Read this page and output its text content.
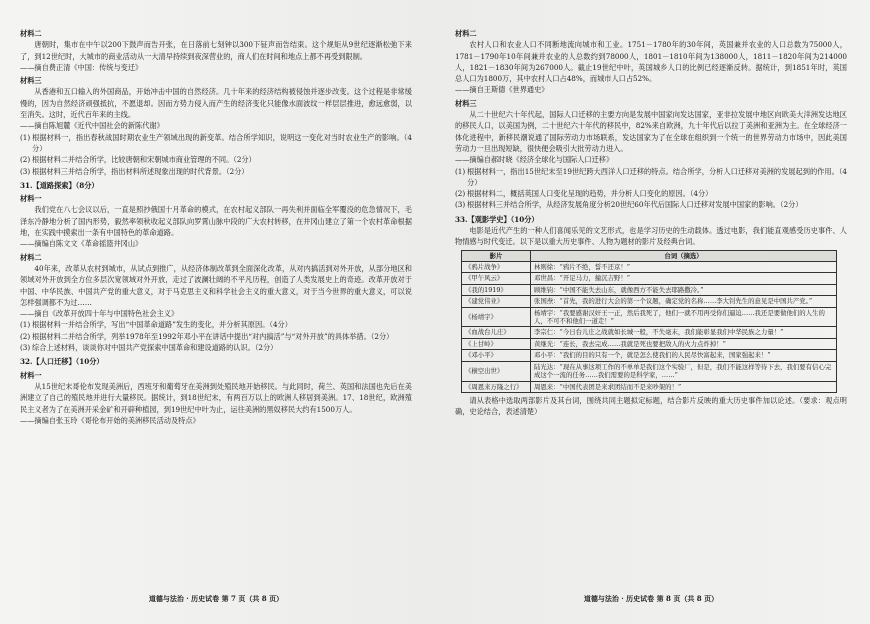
材料二

唐朝时，集市在中午以200下鼓声而告开张，在日落前七刻钟以300下钲声而告结束。这个规矩从9世纪逐渐松弛下来了，到12世纪时，大城市的商业活动从一大清早持续到夜深营业的，商人们在时间和地点上都不再受到限制。

——摘自费正清《中国：传统与变迁》

材料三

从香港和五口输入的外国商品，开始冲击中国的自然经济。几十年来的经济结构被侵蚀并逐步改变。这个过程是非常缓慢的，因为自然经济顽强抵抗，不愿退却。因而方势力侵入而产生的经济变化只能像水面波纹一样层层推进，愈远愈弱，以至消失。这时，近代百年来的主线。

——摘自陈旭麓《近代中国社会的新陈代谢》

(1) 根据材料一，指出春秋战国时期农业生产领域出现的新变革。结合所学知识，说明这一变化对当时农业生产的影响。（4分）

(2) 根据材料二并结合所学，比较唐朝和宋朝城市商业管理的不同。（2分）

(3) 根据材料三并结合所学，指出材料所述现象出现的时代背景。（2分）

31.【道路探索】（8分）

材料一

我们党在八七会议以后，一直是照抄俄国十月革命的模式，在农村起义部队一再失利并面临全军覆没的危急情况下，毛泽东冷静地分析了国内形势，毅然率领秋收起义部队向罗霄山脉中段的广大农村转移，在井冈山建立了第一个农村革命根据地，在实践中摸索出一条有中国特色的革命道路。

——摘编自陈文文《革命摇篮井冈山》

材料二

40年来，改革从农村到城市，从试点到推广，从经济体制改革到全面深化改革，从对内搞活到对外开放，从部分地区和领域对外开放到全方位多层次宽领域对外开放，走过了波澜壮阔的不平凡历程，创造了人类发展史上的奇迹。改革开放对于中国、中华民族、中国共产党的重大意义，对于马克思主义和科学社会主义的重大意义，对于当今世界的重大意义，可以说怎样强调都不为过……

——摘自《改革开放四十年与中国特色社会主义》

(1) 根据材料一并结合所学，写出“中国革命道路”发生的变化，并分析其原因。（4分）

(2) 根据材料二并结合所学，列举1978年至1992年邓小平在讲话中提出“对内搞活”与“对外开放”的具体举措。（2分）

(3) 综合上述材料，谈谈你对中国共产党探索中国革命和建设道路的认识。（2分）

32.【人口迁移】（10分）

材料一

从15世纪末哥伦布发现美洲后，西班牙和葡萄牙在美洲到处殖民地开始移民。与此同时，荷兰、英国和法国也先后在美洲建立了自己的殖民地并进行大量移民。据统计，到18世纪末，有两百万以上的欧洲人移居到美洲。17、18世纪，欧洲殖民主义者为了在美洲开采金矿和开辟种植园，到19世纪中叶为止，运往美洲的黑奴移民大约有1500万人。

——摘编自张玉玲《哥伦布开始的美洲移民活动及特点》

道德与法治 · 历史试卷 第 7 页（共 8 页）

材料二

农村人口和农业人口不同断地流向城市和工业。1751－1780年的30年间，英国兼并农业的人口总数为75000人，1781－1790年10年间兼并农业的人总数约到78000人，1801－1810年间为138000人，1811－1820年间为214000人，1821－1830年间为267000人。截止19世纪中叶，英国城乡人口的比例已经逐渐反转。据统计，到1851年时，英国总人口为1800万，其中农村人口占48%，而城市人口占52%。

——摘自王斯德《世界通史》

材料三

从二十世纪六十年代起，国际人口迁移的主要方向是发展中国家向发达国家，亚非拉发展中地区向欧美大洋洲发达地区的移民人口，以美国为例，二十世纪六十年代的移民中，82%来自欧洲，九十年代后以拉丁美洲和亚洲为主。在全球经济一体化进程中，新移民潮说通了国际劳动力市场联系，发达国家为了在全球在组织到一个统一的世界劳动力市场中，因此美国劳动力一旦出现短缺，很快便会吸引大批劳动力进入。

——摘编自郝时晓《经济全球化与国际人口迁移》

(1) 根据材料一，指出15世纪末至19世纪跨大西洋人口迁移的特点。结合所学，分析人口迁移对美洲的发展起到的作用。（4分）

(2) 根据材料二，概括英国人口变化呈现的趋势，并分析人口变化的原因。（4分）

(3) 根据材料三并结合所学，从经济发展角度分析20世纪60年代后国际人口迁移对发展中国家的影响。（2分）

33.【观影学史】（10分）

电影是近代产生的一种人们喜闻乐见的文艺形式，也是学习历史的生动载体。透过电影，我们能直观感受历史事件、人物情感与时代变迁。以下是以重大历史事件、人物为题材的影片及经典台词。

影片	台词（摘选）
《鸦片战争》	林则徐：“鸦片不绝，誓不还京！”
《甲午风云》	邓世昌：“开足马力，撞沉吉野！”
《我的1919》	顾维钧：“中国不能失去山东，就像西方不能失去耶路撒冷。”
《建党伟业》	张国焘：“首先，我的进行大会的第一个议题，确定党的名称……李大钊先生的意见是中国共产党。”
《杨靖宇》	杨靖宇：“我要感谢汉奸王一正，然后我死了，他们一就不用再受你们逼迫……我还是要做他们的人生的人，不可不和他们一道走！”
《血战台儿庄》	李宗仁：“今日台儿庄之战就如长城一般，不失毫末，我们能彰显我们中华民族之力量！”
《上甘岭》	黄继光：“连长，我去完成……我就是死也要把敌人的火力点炸掉！”
《邓小平》	邓小平：“我们的目的只有一个，就是怎么使我们的人民尽快富起来，国家强起来！”
《横空出世》	陆光达：“现在从事这项工作的不单单是我们这个实验厂，但是，我们不能这样等待下去，我们要有信心完成这个一流的任务……我们需要的是科学家，……”
《周恩来万隆之行》	周恩来：“中国代表团是来求团结而不是来吵架的！”

请从表格中选取两部影片及其台词，围绕共同主题拟定标题，结合影片反映的重大历史事件加以论述。（要求：观点明确，史论结合，表述清楚）

道德与法治 · 历史试卷 第 8 页（共 8 页）
